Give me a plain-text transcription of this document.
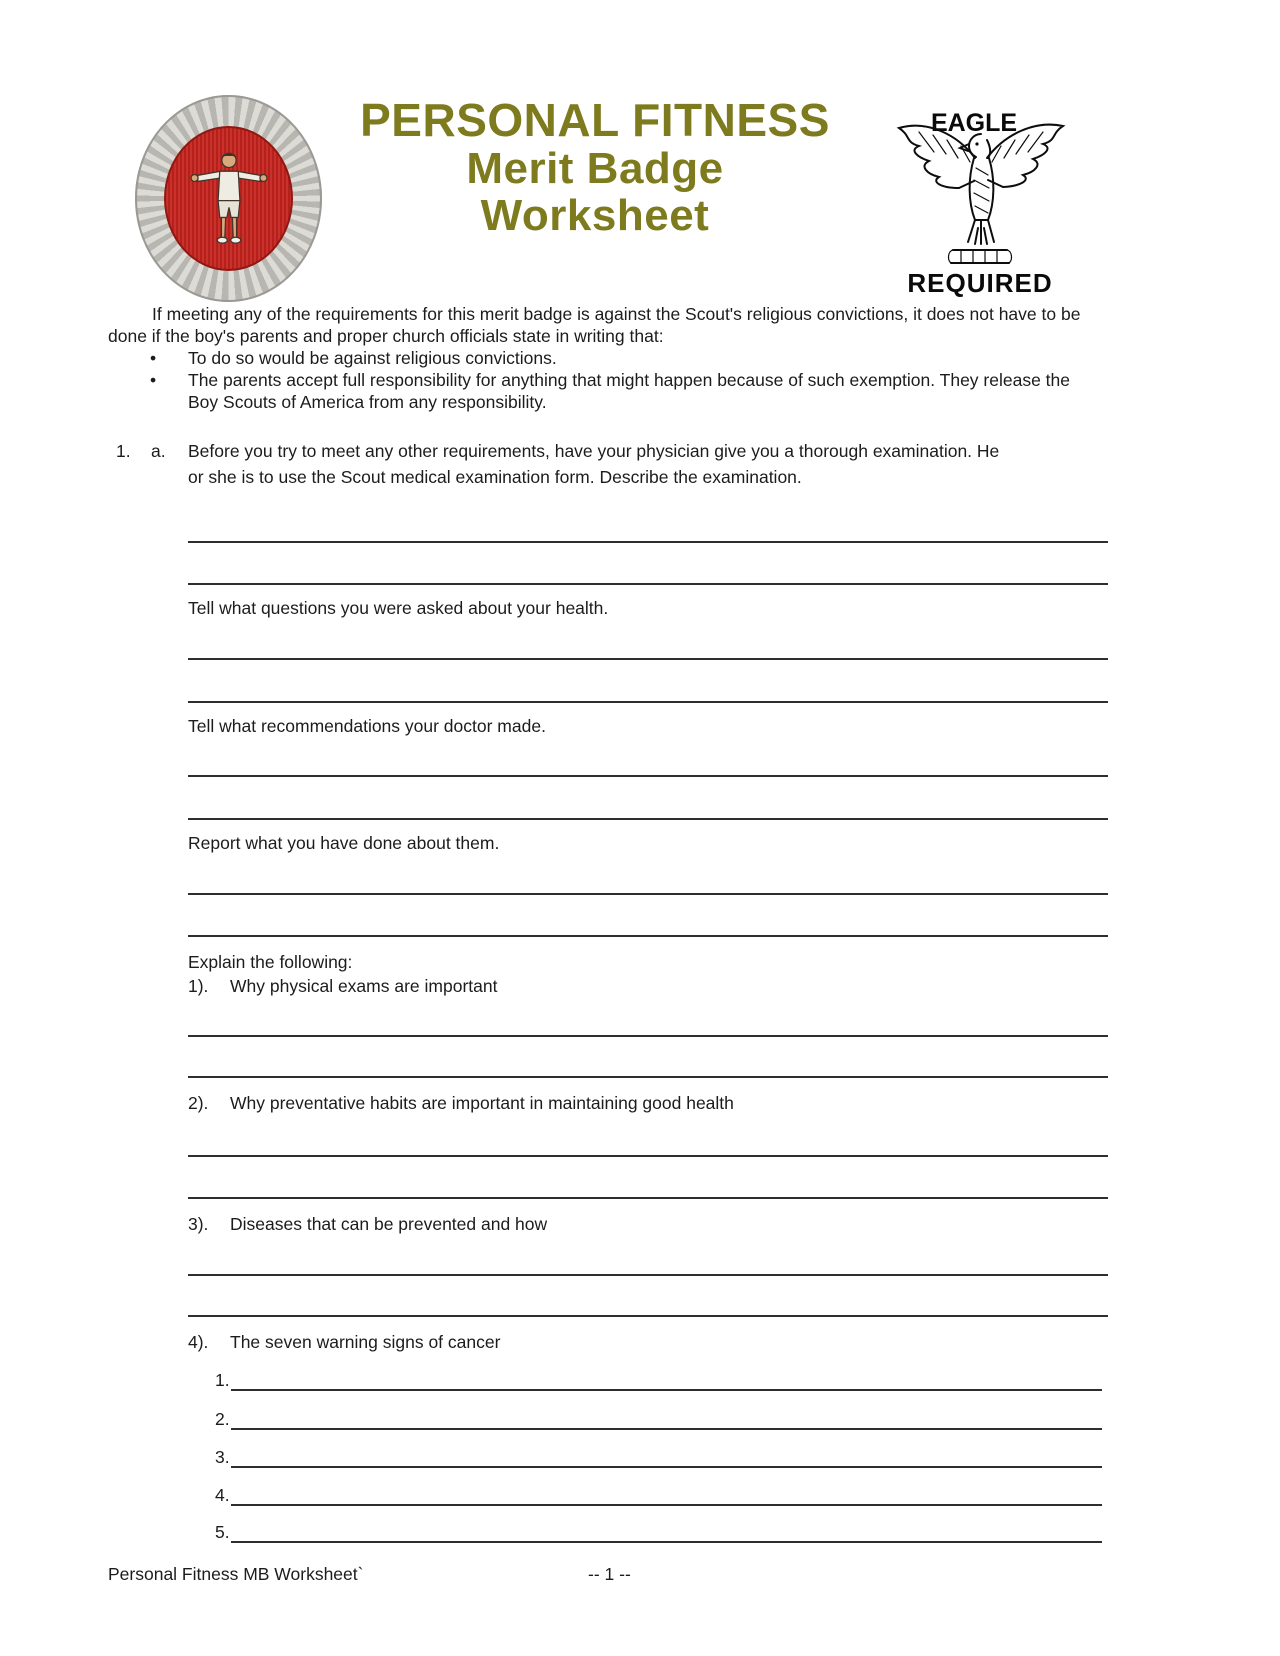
PERSONAL FITNESS
Merit Badge
Worksheet
EAGLE
REQUIRED
If meeting any of the requirements for this merit badge is against the Scout's religious convictions, it does not have to be
done if the boy's parents and proper church officials state in writing that:
•	To do so would be against religious convictions.
•	The parents accept full responsibility for anything that might happen because of such exemption. They release the
Boy Scouts of America from any responsibility.
1.	a.	Before you try to meet any other requirements, have your physician give you a thorough examination. He
or she is to use the Scout medical examination form. Describe the examination.
Tell what questions you were asked about your health.
Tell what recommendations your doctor made.
Report what you have done about them.
Explain the following:
1).	Why physical exams are important
2).	Why preventative habits are important in maintaining good health
3).	Diseases that can be prevented and how
4).	The seven warning signs of cancer
1.
2.
3.
4.
5.
Personal Fitness MB Worksheet`	-- 1 --
